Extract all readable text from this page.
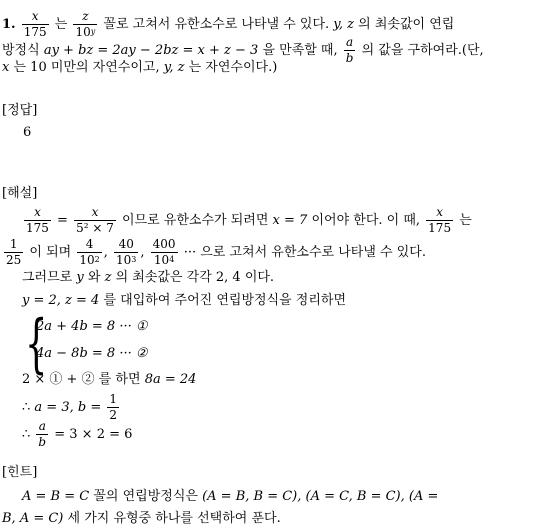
1. $\frac{x}{175}$ 는 $\frac{z}{10^y}$ 꼴로 고쳐서 유한소수로 나타낼 수 있다. y, z 의 최솟값이 연립
방정식 ay + bz = 2ay − 2bz = x + z − 3 을 만족할 때, $\frac{a}{b}$ 의 값을 구하여라.(단,
x 는 10 미만의 자연수이고, y, z 는 자연수이다.)
[정답]
6
[해설]
$\frac{x}{175} = \frac{x}{\text{5² × 7}}$ 이므로 유한소수가 되려면 x = 7 이어야 한다. 이 때, $\frac{x}{175}$ 는
$\frac{1}{25}$ 이 되며 $\frac{4}{10^2}$ , $\frac{40}{10^3}$ , $\frac{400}{10^4}$ ··· 으로 고쳐서 유한소수로 나타낼 수 있다.
그러므로 y 와 z 의 최솟값은 각각 2, 4 이다.
y = 2, z = 4 를 대입하여 주어진 연립방정식을 정리하면
{
2a + 4b = 8 ··· ①
4a − 8b = 8 ··· ②
2 × ① + ② 를 하면 8a = 24
∴ a = 3, $b = \frac{1}{2}$
∴ $\frac{a}{b} = 3 \times 2 = 6$
[힌트]
A = B = C 꼴의 연립방정식은 (A = B, B = C), (A = C, B = C), (A =
B, A = C) 세 가지 유형중 하나를 선택하여 푼다.
